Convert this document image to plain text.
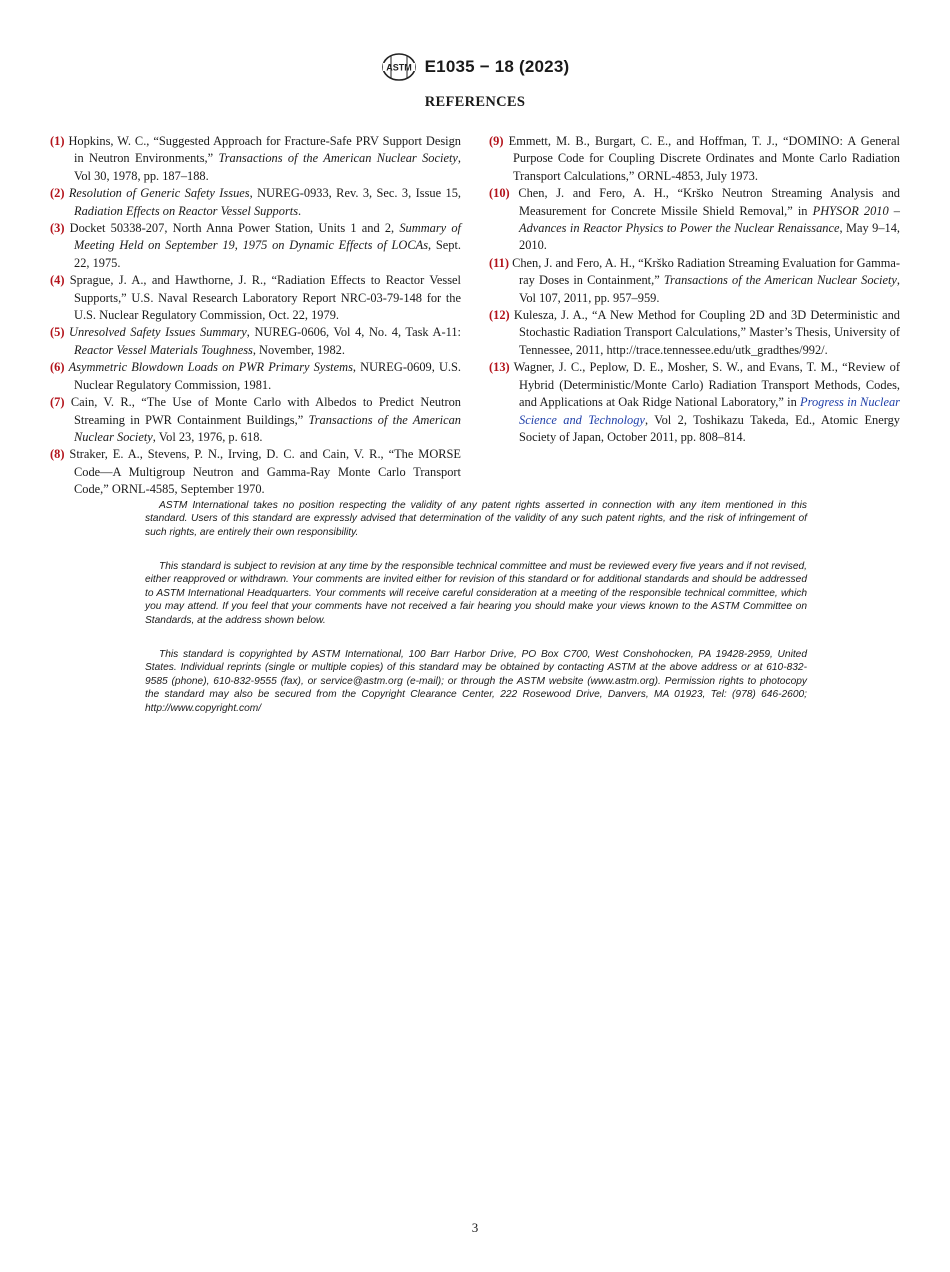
ASTM E1035 − 18 (2023)
REFERENCES
(1) Hopkins, W. C., “Suggested Approach for Fracture-Safe PRV Support Design in Neutron Environments,” Transactions of the American Nuclear Society, Vol 30, 1978, pp. 187–188.
(2) Resolution of Generic Safety Issues, NUREG-0933, Rev. 3, Sec. 3, Issue 15, Radiation Effects on Reactor Vessel Supports.
(3) Docket 50338-207, North Anna Power Station, Units 1 and 2, Summary of Meeting Held on September 19, 1975 on Dynamic Effects of LOCAs, Sept. 22, 1975.
(4) Sprague, J. A., and Hawthorne, J. R., “Radiation Effects to Reactor Vessel Supports,” U.S. Naval Research Laboratory Report NRC-03-79-148 for the U.S. Nuclear Regulatory Commission, Oct. 22, 1979.
(5) Unresolved Safety Issues Summary, NUREG-0606, Vol 4, No. 4, Task A-11: Reactor Vessel Materials Toughness, November, 1982.
(6) Asymmetric Blowdown Loads on PWR Primary Systems, NUREG-0609, U.S. Nuclear Regulatory Commission, 1981.
(7) Cain, V. R., “The Use of Monte Carlo with Albedos to Predict Neutron Streaming in PWR Containment Buildings,” Transactions of the American Nuclear Society, Vol 23, 1976, p. 618.
(8) Straker, E. A., Stevens, P. N., Irving, D. C. and Cain, V. R., “The MORSE Code—A Multigroup Neutron and Gamma-Ray Monte Carlo Transport Code,” ORNL-4585, September 1970.
(9) Emmett, M. B., Burgart, C. E., and Hoffman, T. J., “DOMINO: A General Purpose Code for Coupling Discrete Ordinates and Monte Carlo Radiation Transport Calculations,” ORNL-4853, July 1973.
(10) Chen, J. and Fero, A. H., “Krško Neutron Streaming Analysis and Measurement for Concrete Missile Shield Removal,” in PHYSOR 2010 – Advances in Reactor Physics to Power the Nuclear Renaissance, May 9–14, 2010.
(11) Chen, J. and Fero, A. H., “Krško Radiation Streaming Evaluation for Gamma-ray Doses in Containment,” Transactions of the American Nuclear Society, Vol 107, 2011, pp. 957–959.
(12) Kulesza, J. A., “A New Method for Coupling 2D and 3D Deterministic and Stochastic Radiation Transport Calculations,” Master’s Thesis, University of Tennessee, 2011, http://trace.tennessee.edu/utk_gradthes/992/.
(13) Wagner, J. C., Peplow, D. E., Mosher, S. W., and Evans, T. M., “Review of Hybrid (Deterministic/Monte Carlo) Radiation Transport Methods, Codes, and Applications at Oak Ridge National Laboratory,” in Progress in Nuclear Science and Technology, Vol 2, Toshikazu Takeda, Ed., Atomic Energy Society of Japan, October 2011, pp. 808–814.
ASTM International takes no position respecting the validity of any patent rights asserted in connection with any item mentioned in this standard. Users of this standard are expressly advised that determination of the validity of any such patent rights, and the risk of infringement of such rights, are entirely their own responsibility.
This standard is subject to revision at any time by the responsible technical committee and must be reviewed every five years and if not revised, either reapproved or withdrawn. Your comments are invited either for revision of this standard or for additional standards and should be addressed to ASTM International Headquarters. Your comments will receive careful consideration at a meeting of the responsible technical committee, which you may attend. If you feel that your comments have not received a fair hearing you should make your views known to the ASTM Committee on Standards, at the address shown below.
This standard is copyrighted by ASTM International, 100 Barr Harbor Drive, PO Box C700, West Conshohocken, PA 19428-2959, United States. Individual reprints (single or multiple copies) of this standard may be obtained by contacting ASTM at the above address or at 610-832-9585 (phone), 610-832-9555 (fax), or service@astm.org (e-mail); or through the ASTM website (www.astm.org). Permission rights to photocopy the standard may also be secured from the Copyright Clearance Center, 222 Rosewood Drive, Danvers, MA 01923, Tel: (978) 646-2600; http://www.copyright.com/
3
